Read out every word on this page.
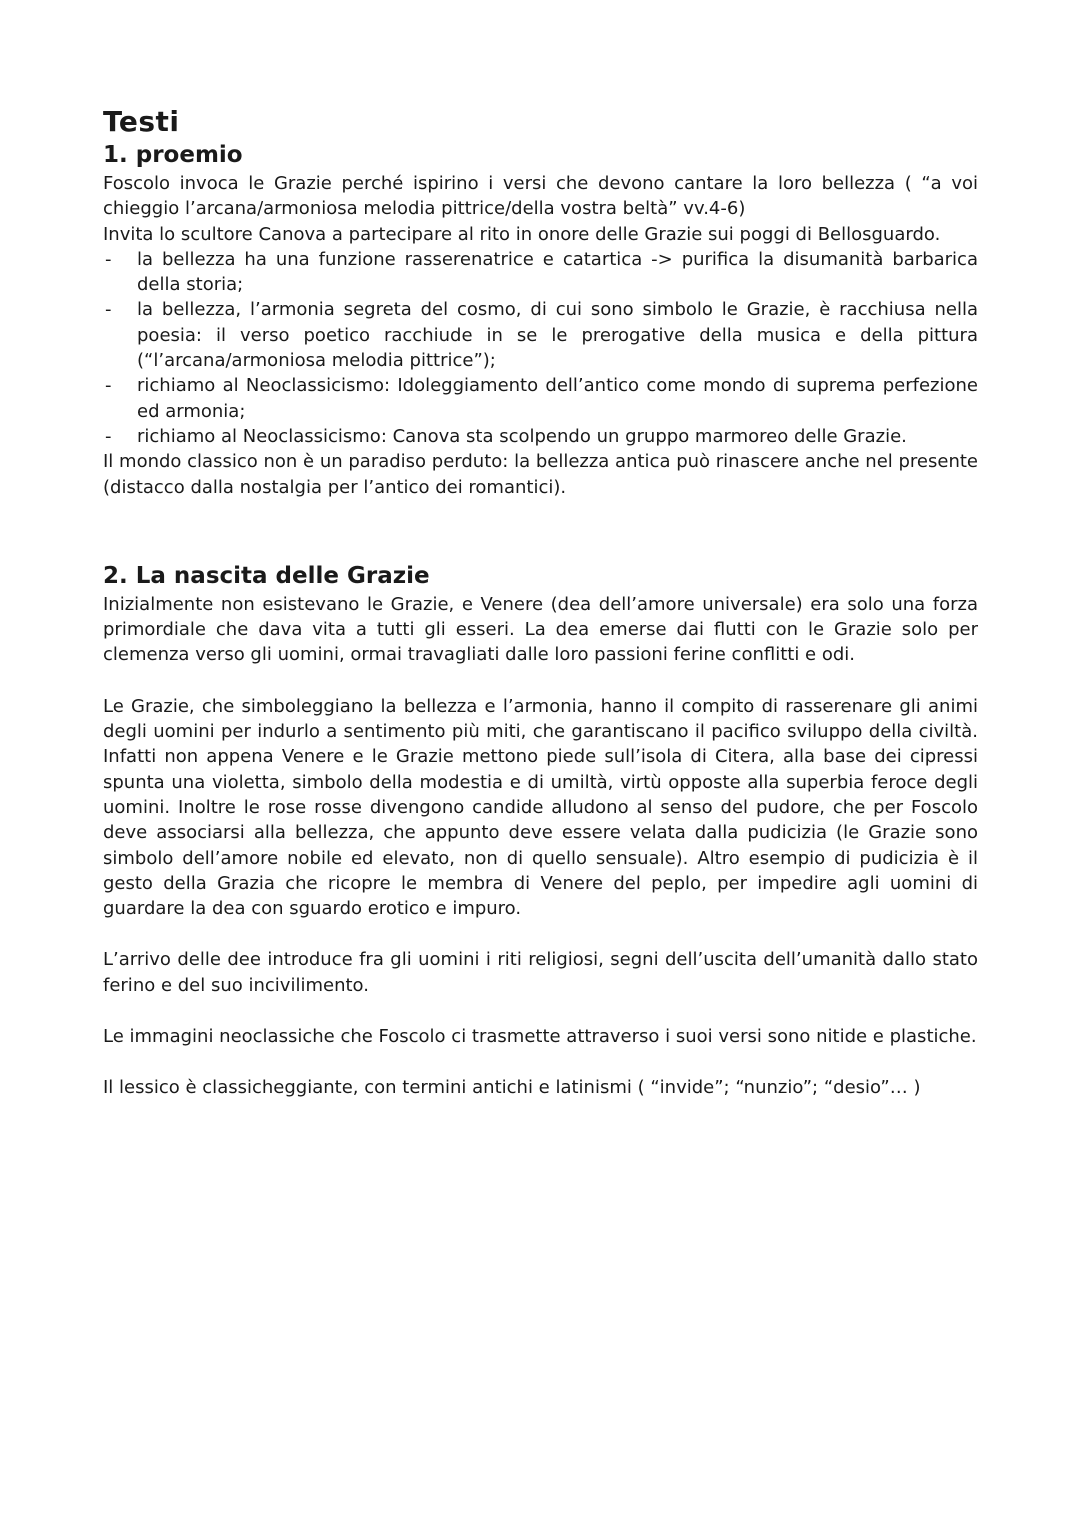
Testi
1. proemio

Foscolo invoca le Grazie perché ispirino i versi che devono cantare la loro bellezza ( “a voi chieggio l’arcana/armoniosa melodia pittrice/della vostra beltà” vv.4-6)

Invita lo scultore Canova a partecipare al rito in onore delle Grazie sui poggi di Bellosguardo.

- la bellezza ha una funzione rasserenatrice e catartica -> purifica la disumanità barbarica della storia;
- la bellezza, l’armonia segreta del cosmo, di cui sono simbolo le Grazie, è racchiusa nella poesia: il verso poetico racchiude in se le prerogative della musica e della pittura (“l’arcana/armoniosa melodia pittrice”);
- richiamo al Neoclassicismo: Idoleggiamento dell’antico come mondo di suprema perfezione ed armonia;
- richiamo al Neoclassicismo: Canova sta scolpendo un gruppo marmoreo delle Grazie.

Il mondo classico non è un paradiso perduto: la bellezza antica può rinascere anche nel presente (distacco dalla nostalgia per l’antico dei romantici).

2. La nascita delle Grazie

Inizialmente non esistevano le Grazie, e Venere (dea dell’amore universale) era solo una forza primordiale che dava vita a tutti gli esseri. La dea emerse dai flutti con le Grazie solo per clemenza verso gli uomini, ormai travagliati dalle loro passioni ferine conflitti e odi.

Le Grazie, che simboleggiano la bellezza e l’armonia, hanno il compito di rasserenare gli animi degli uomini per indurlo a sentimento più miti, che garantiscano il pacifico sviluppo della civiltà. Infatti non appena Venere e le Grazie mettono piede sull’isola di Citera, alla base dei cipressi spunta una violetta, simbolo della modestia e di umiltà, virtù opposte alla superbia feroce degli uomini. Inoltre le rose rosse divengono candide alludono al senso del pudore, che per Foscolo deve associarsi alla bellezza, che appunto deve essere velata dalla pudicizia (le Grazie sono simbolo dell’amore nobile ed elevato, non di quello sensuale). Altro esempio di pudicizia è il gesto della Grazia che ricopre le membra di Venere del peplo, per impedire agli uomini di guardare la dea con sguardo erotico e impuro.

L’arrivo delle dee introduce fra gli uomini i riti religiosi, segni dell’uscita dell’umanità dallo stato ferino e del suo incivilimento.

Le immagini neoclassiche che Foscolo ci trasmette attraverso i suoi versi sono nitide e plastiche.

Il lessico è classicheggiante, con termini antichi e latinismi ( “invide”; “nunzio”; “desio”… )
